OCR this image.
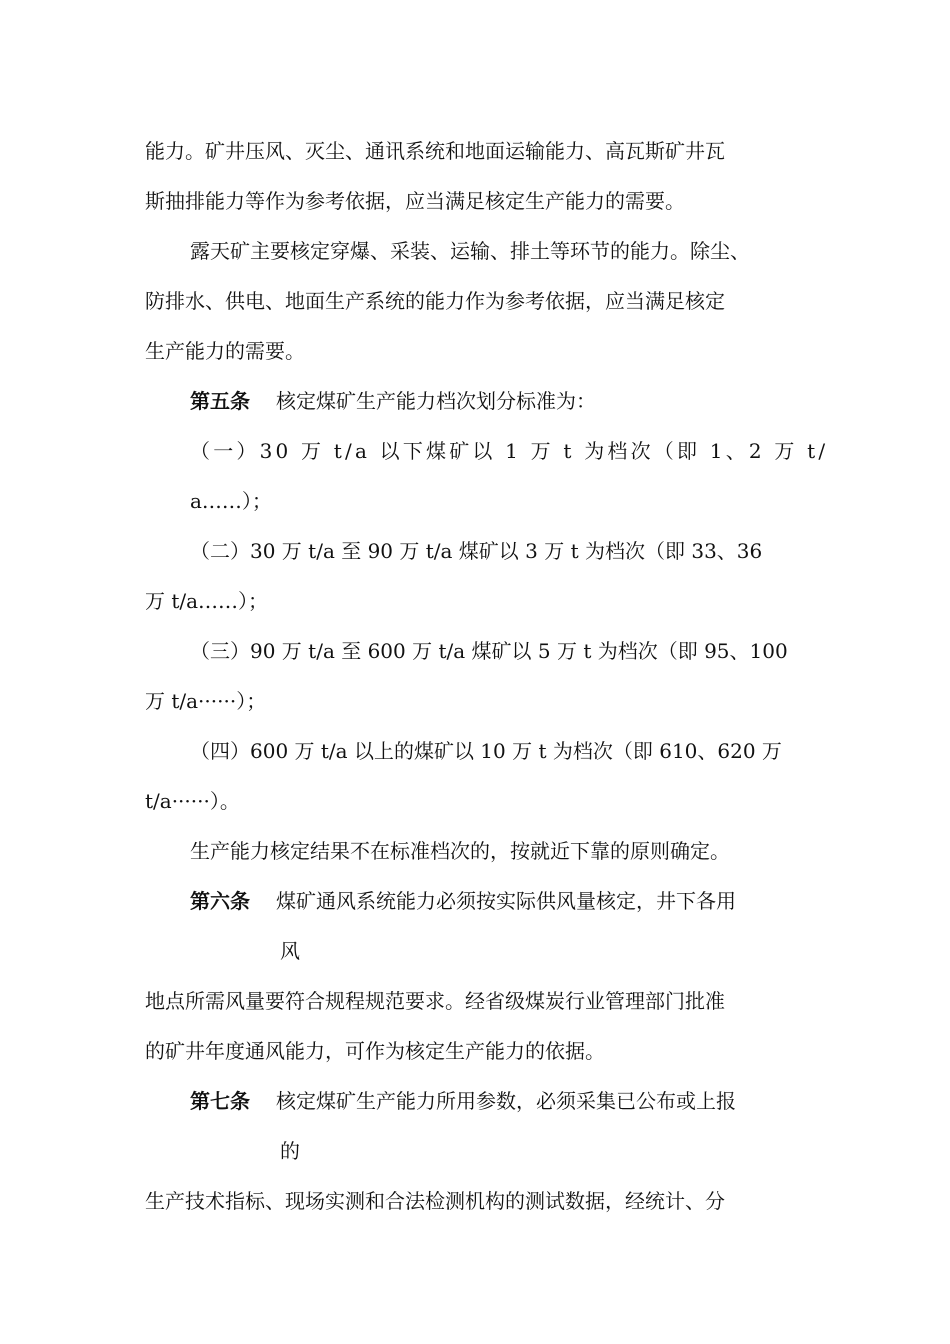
能力。矿井压风、灭尘、通讯系统和地面运输能力、高瓦斯矿井瓦
斯抽排能力等作为参考依据，应当满足核定生产能力的需要。
露天矿主要核定穿爆、采装、运输、排土等环节的能力。除尘、
防排水、供电、地面生产系统的能力作为参考依据，应当满足核定
生产能力的需要。
第五条 核定煤矿生产能力档次划分标准为：
（一）30 万 t/a 以下煤矿以 1 万 t 为档次（即 1、2 万 t/
a……）；
（二）30 万 t/a 至 90 万 t/a 煤矿以 3 万 t 为档次（即 33、36
万 t/a……）；
（三）90 万 t/a 至 600 万 t/a 煤矿以 5 万 t 为档次（即 95、100
万 t/a······）；
（四）600 万 t/a 以上的煤矿以 10 万 t 为档次（即 610、620 万
t/a······）。
生产能力核定结果不在标准档次的，按就近下靠的原则确定。
第六条 煤矿通风系统能力必须按实际供风量核定，井下各用
风
地点所需风量要符合规程规范要求。经省级煤炭行业管理部门批准
的矿井年度通风能力，可作为核定生产能力的依据。
第七条 核定煤矿生产能力所用参数，必须采集已公布或上报
的
生产技术指标、现场实测和合法检测机构的测试数据，经统计、分
